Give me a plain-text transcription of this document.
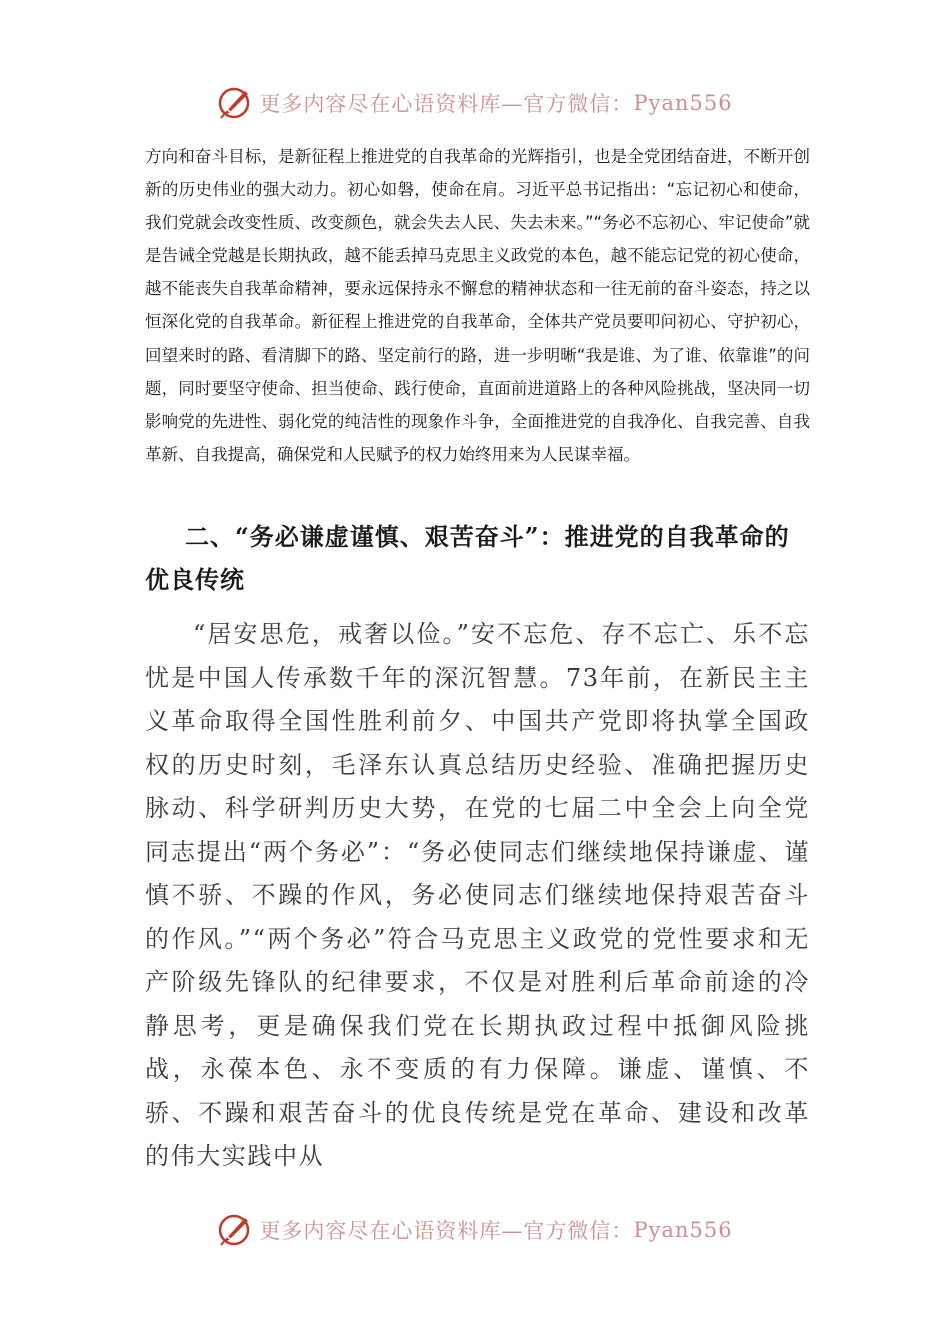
更多内容尽在心语资料库—官方微信： Pyan556

方向和奋斗目标，是新征程上推进党的自我革命的光辉指引，也是全党团结奋进，不断开创新的历史伟业的强大动力。初心如磐，使命在肩。习近平总书记指出：“忘记初心和使命，我们党就会改变性质、改变颜色，就会失去人民、失去未来。”“务必不忘初心、牢记使命”就是告诫全党越是长期执政，越不能丢掉马克思主义政党的本色，越不能忘记党的初心使命，越不能丧失自我革命精神，要永远保持永不懈怠的精神状态和一往无前的奋斗姿态，持之以恒深化党的自我革命。新征程上推进党的自我革命，全体共产党员要叩问初心、守护初心，回望来时的路、看清脚下的路、坚定前行的路，进一步明晰“我是谁、为了谁、依靠谁”的问题，同时要坚守使命、担当使命、践行使命，直面前进道路上的各种风险挑战，坚决同一切影响党的先进性、弱化党的纯洁性的现象作斗争，全面推进党的自我净化、自我完善、自我革新、自我提高，确保党和人民赋予的权力始终用来为人民谋幸福。

二、“务必谦虚谨慎、艰苦奋斗”：推进党的自我革命的优良传统

“居安思危，戒奢以俭。”安不忘危、存不忘亡、乐不忘忧是中国人传承数千年的深沉智慧。73年前，在新民主主义革命取得全国性胜利前夕、中国共产党即将执掌全国政权的历史时刻，毛泽东认真总结历史经验、准确把握历史脉动、科学研判历史大势，在党的七届二中全会上向全党同志提出“两个务必”：“务必使同志们继续地保持谦虚、谨慎不骄、不躁的作风，务必使同志们继续地保持艰苦奋斗的作风。”“两个务必”符合马克思主义政党的党性要求和无产阶级先锋队的纪律要求，不仅是对胜利后革命前途的冷静思考，更是确保我们党在长期执政过程中抵御风险挑战，永葆本色、永不变质的有力保障。谦虚、谨慎、不骄、不躁和艰苦奋斗的优良传统是党在革命、建设和改革的伟大实践中从

更多内容尽在心语资料库—官方微信： Pyan556
